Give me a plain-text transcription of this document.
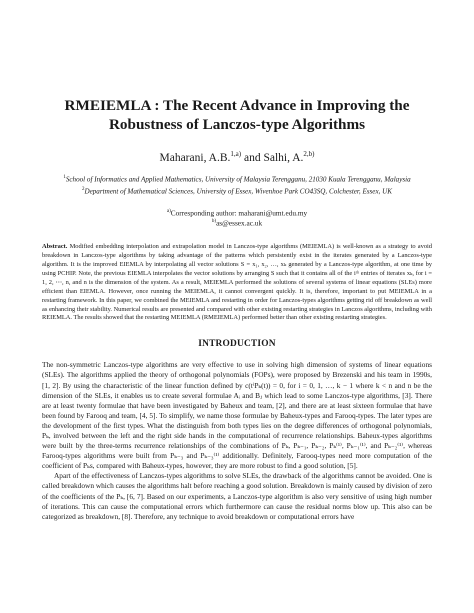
RMEIEMLA : The Recent Advance in Improving the
Robustness of Lanczos-type Algorithms
Maharani, A.B.$^{1,a)}$ and Salhi, A.$^{2,b)}$
$^1$School of Informatics and Applied Mathematics, University of Malaysia Terengganu, 21030 Kuala Terengganu, Malaysia
$^2$Department of Mathematical Sciences, University of Essex, Wivenhoe Park CO43SQ, Colchester, Essex, UK
$^{a)}$Corresponding author: maharani@umt.edu.my
$^{b)}$as@essex.ac.uk
Abstract. Modified embedding interpolation and extrapolation model in Lanczos-type algorithms (MEIEMLA) is well-known as a strategy to avoid breakdown in Lanczos-type algorithms by taking advantage of the patterns which persistently exist in the iterates generated by a Lanczos-type algorithm. It is the improved EIEMLA by interpolating all vector solutions S = x₁, x₂, …, xₖ generated by a Lanczos-type algorithm, at one time by using PCHIP. Note, the previous EIEMLA interpolates the vector solutions by arranging S such that it contains all of the iᵗʰ entries of iterates xₖ, for i = 1, 2, ⋯, n, and n is the dimension of the system. As a result, MEIEMLA performed the solutions of several systems of linear equations (SLEs) more efficient than EIEMLA. However, once running the MEIEMLA, it cannot convergent quickly. It is, therefore, important to put MEIEMLA in a restarting framework. In this paper, we combined the MEIEMLA and restarting in order for Lanczos-types algorithms getting rid off breakdown as well as enhancing their stability. Numerical results are presented and compared with other existing restarting strategies in Lanczos algorithms, including with REIEMLA. The results showed that the restarting MEIEMLA (RMEIEMLA) performed better than other existing restarting strategies.
INTRODUCTION

The non-symmetric Lanczos-type algorithms are very effective to use in solving high dimension of systems of linear equations (SLEs). The algorithms applied the theory of orthogonal polynomials (FOPs), were proposed by Brezenski and his team in 1990s, [1, 2]. By using the characteristic of the linear function defined by c(tⁱPₖ(t)) = 0, for i = 0, 1, …, k − 1 where k < n and n be the dimension of the SLEs, it enables us to create several formulae Aᵢ and Bⱼ which lead to some Lanczos-type algorithms, [3]. There are at least twenty formulae that have been investigated by Baheux and team, [2], and there are at least sixteen formulae that have been found by Farooq and team, [4, 5]. To simplify, we name those formulae by Baheux-types and Farooq-types. The later types are the development of the first types. What the distinguish from both types lies on the degree differences of orthogonal polynomials, Pₖ, involved between the left and the right side hands in the computational of recurrence relationships. Baheux-types algorithms were built by the three-terms recurrence relationships of the combinations of Pₖ, Pₖ₋₁, Pₖ₋₂, Pₖ⁽¹⁾, Pₖ₋₁⁽¹⁾, and Pₖ₋₂⁽¹⁾, whereas Farooq-types algorithms were built from Pₖ₋₃ and Pₖ₋₃⁽¹⁾ additionally. Definitely, Farooq-types need more computation of the coefficient of Pₖs, compared with Baheux-types, however, they are more robust to find a good solution, [5].

Apart of the effectiveness of Lanczos-types algorithms to solve SLEs, the drawback of the algorithms cannot be avoided. One is called breakdown which causes the algorithms halt before reaching a good solution. Breakdown is mainly caused by division of zero of the coefficients of the Pₖ, [6, 7]. Based on our experiments, a Lanczos-type algorithm is also very sensitive of using high number of iterations. This can cause the computational errors which furthermore can cause the residual norms blow up. This also can be categorized as breakdown, [8]. Therefore, any technique to avoid breakdown or computational errors have
